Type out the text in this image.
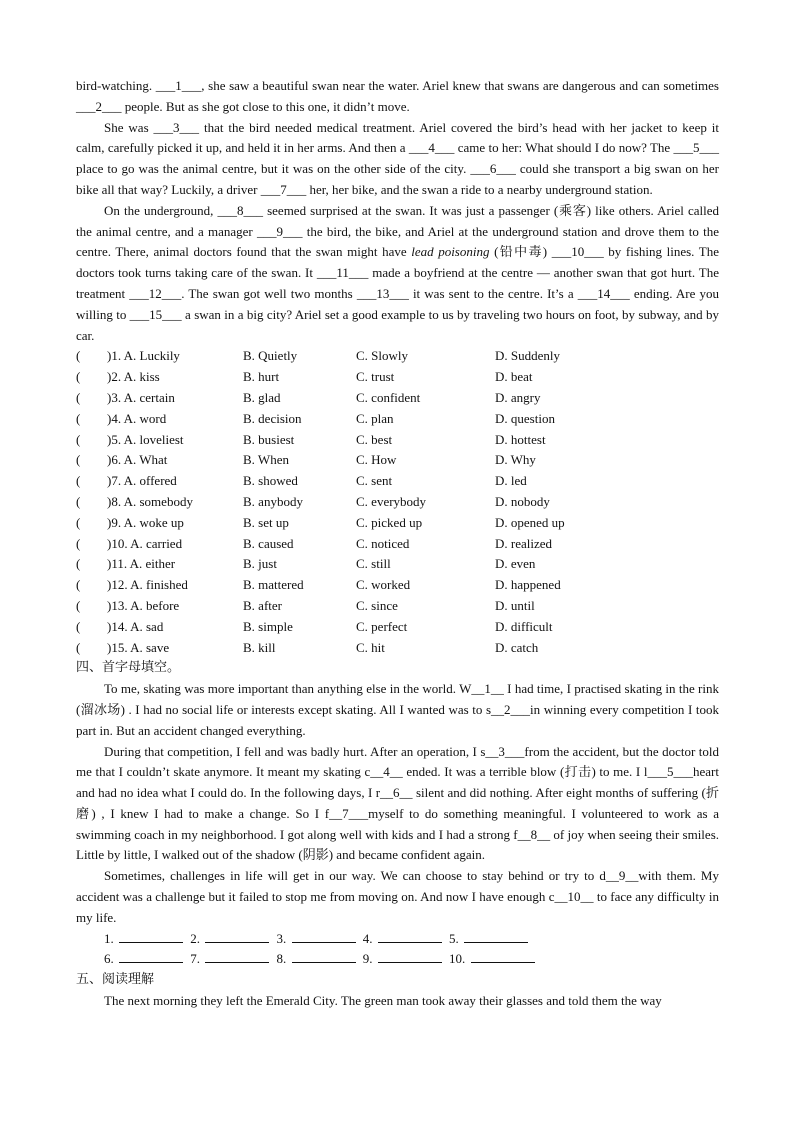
bird-watching. ___1___, she saw a beautiful swan near the water. Ariel knew that swans are dangerous and can sometimes ___2___ people. But as she got close to this one, it didn’t move.

She was ___3___ that the bird needed medical treatment. Ariel covered the bird’s head with her jacket to keep it calm, carefully picked it up, and held it in her arms. And then a ___4___ came to her: What should I do now? The ___5___ place to go was the animal centre, but it was on the other side of the city. ___6___ could she transport a big swan on her bike all that way? Luckily, a driver ___7___ her, her bike, and the swan a ride to a nearby underground station.

On the underground, ___8___ seemed surprised at the swan. It was just a passenger (乘客) like others. Ariel called the animal centre, and a manager ___9___ the bird, the bike, and Ariel at the underground station and drove them to the centre. There, animal doctors found that the swan might have lead poisoning (铅中毒) ___10___ by fishing lines. The doctors took turns taking care of the swan. It ___11___ made a boyfriend at the centre — another swan that got hurt. The treatment ___12___. The swan got well two months ___13___ it was sent to the centre. It’s a ___14___ ending. Are you willing to ___15___ a swan in a big city? Ariel set a good example to us by traveling two hours on foot, by subway, and by car.

( )1. A. Luckily	B. Quietly	C. Slowly	D. Suddenly
( )2. A. kiss	B. hurt	C. trust	D. beat
( )3. A. certain	B. glad	C. confident	D. angry
( )4. A. word	B. decision	C. plan	D. question
( )5. A. loveliest	B. busiest	C. best	D. hottest
( )6. A. What	B. When	C. How	D. Why
( )7. A. offered	B. showed	C. sent	D. led
( )8. A. somebody	B. anybody	C. everybody	D. nobody
( )9. A. woke up	B. set up	C. picked up	D. opened up
( )10. A. carried	B. caused	C. noticed	D. realized
( )11. A. either	B. just	C. still	D. even
( )12. A. finished	B. mattered	C. worked	D. happened
( )13. A. before	B. after	C. since	D. until
( )14. A. sad	B. simple	C. perfect	D. difficult
( )15. A. save	B. kill	C. hit	D. catch
四、首字母填空。

To me, skating was more important than anything else in the world. W__1__ I had time, I practised skating in the rink (溜冰场) . I had no social life or interests except skating. All I wanted was to s__2___in winning every competition I took part in. But an accident changed everything.

During that competition, I fell and was badly hurt. After an operation, I s__3___from the accident, but the doctor told me that I couldn’t skate anymore. It meant my skating c__4__ ended. It was a terrible blow (打击) to me. I l___5___heart and had no idea what I could do. In the following days, I r__6__ silent and did nothing. After eight months of suffering (折磨) , I knew I had to make a change. So I f__7___myself to do something meaningful. I volunteered to work as a swimming coach in my neighborhood. I got along well with kids and I had a strong f__8__ of joy when seeing their smiles. Little by little, I walked out of the shadow (阴影) and became confident again.

Sometimes, challenges in life will get in our way. We can choose to stay behind or try to d__9__with them. My accident was a challenge but it failed to stop me from moving on. And now I have enough c__10__ to face any difficulty in my life.

1.	2.	3.	4.	5.
6.	7.	8.	9.	10.
五、阅读理解

The next morning they left the Emerald City. The green man took away their glasses and told them the way
